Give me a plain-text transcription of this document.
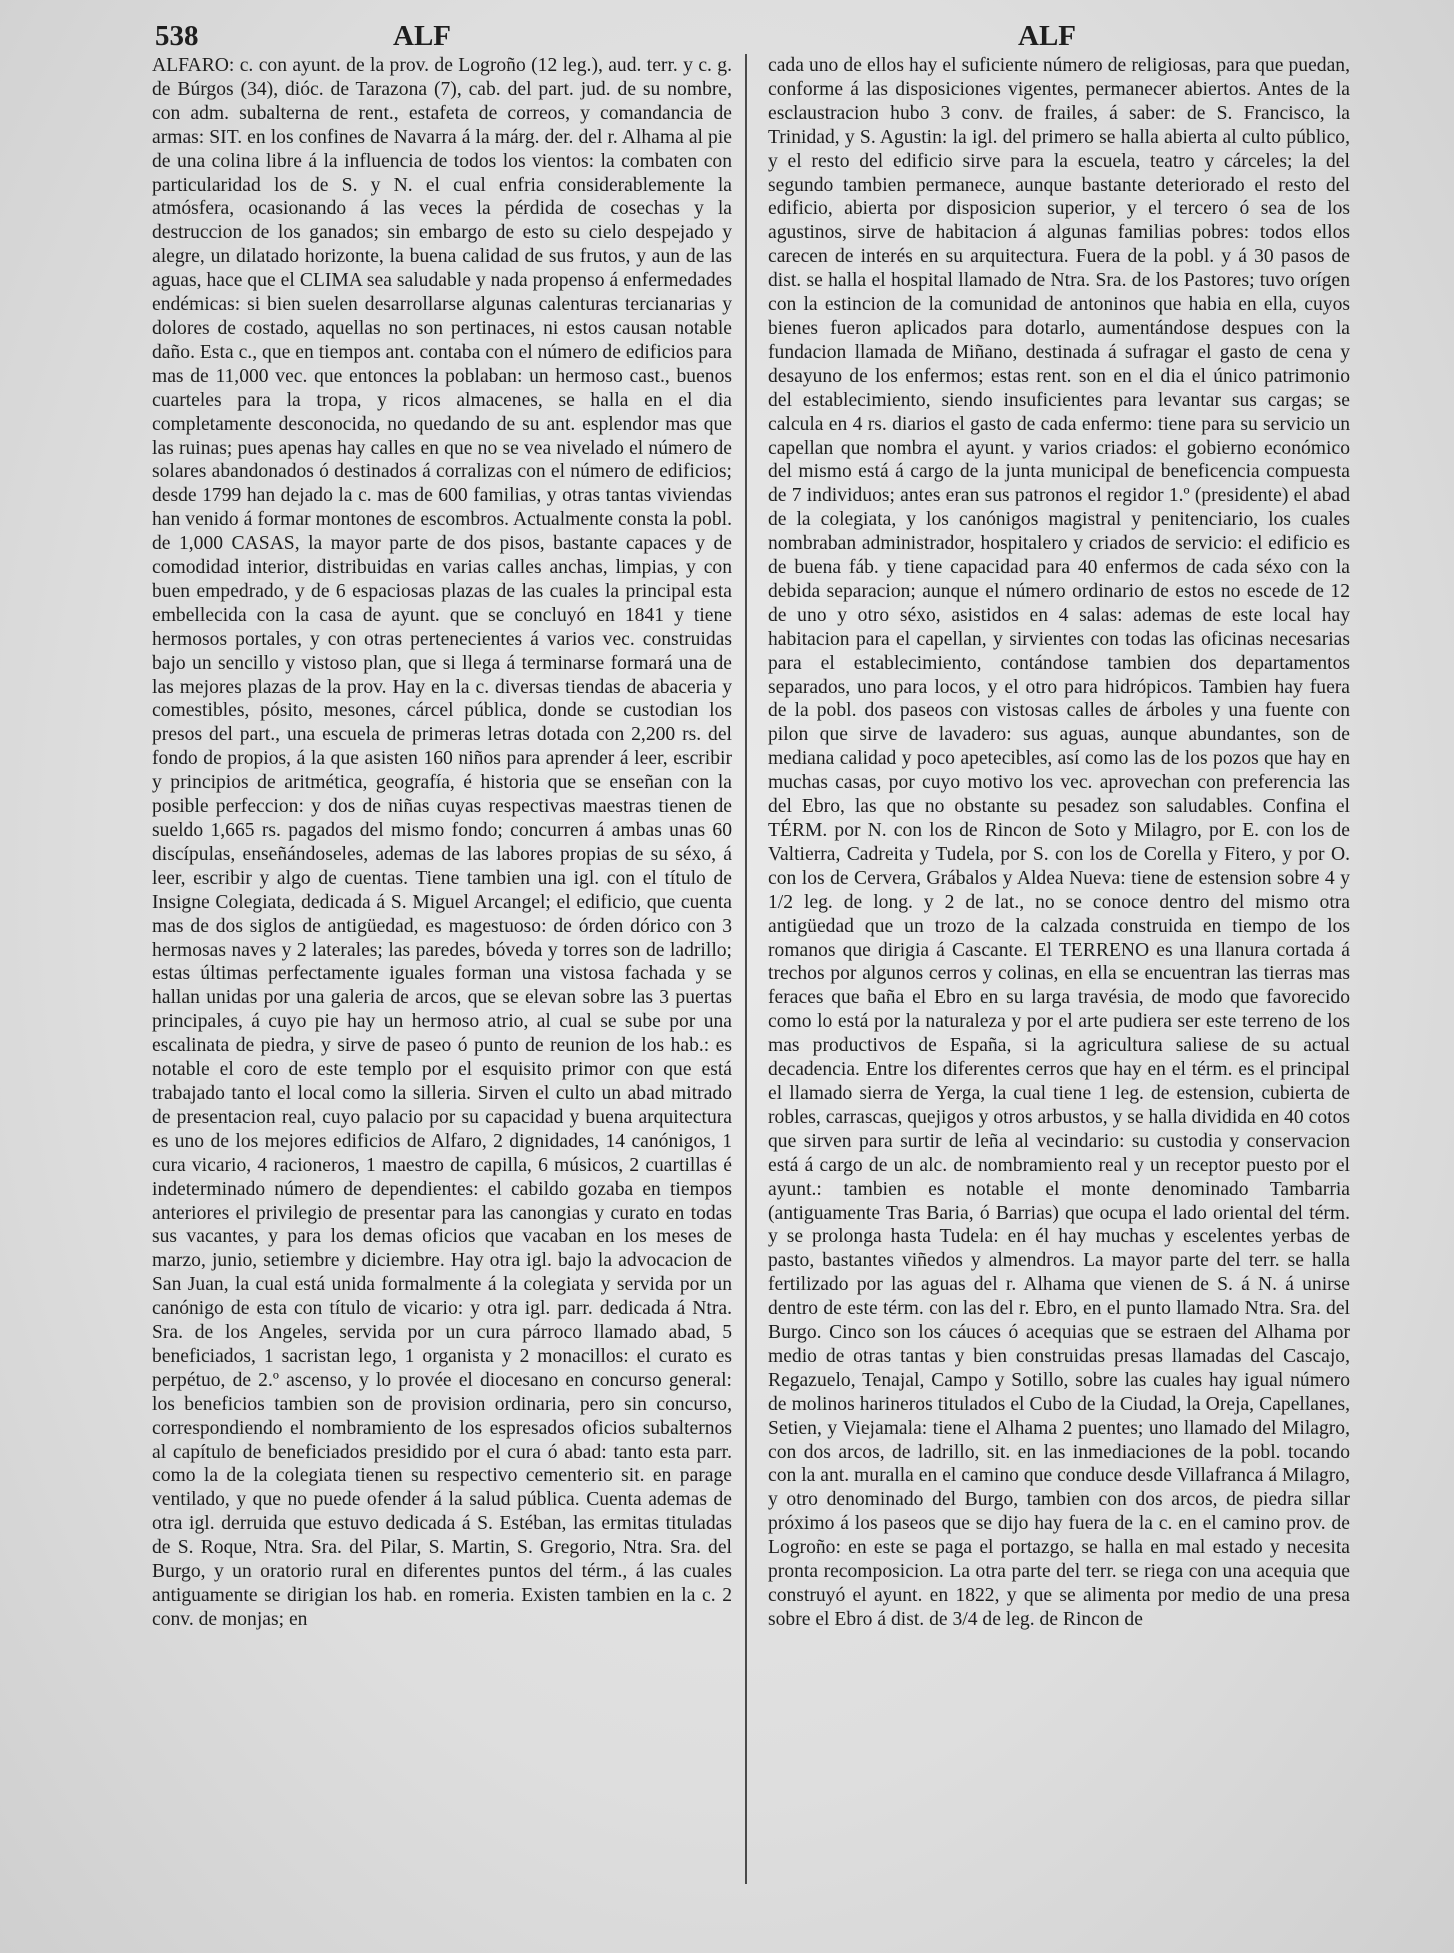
538	ALF	ALF

ALFARO: c. con ayunt. de la prov. de Logroño (12 leg.), aud. terr. y c. g. de Búrgos (34), dióc. de Tarazona (7), cab. del part. jud. de su nombre, con adm. subalterna de rent., estafeta de correos, y comandancia de armas: SIT. en los confines de Navarra á la márg. der. del r. Alhama al pie de una colina libre á la influencia de todos los vientos: la combaten con particularidad los de S. y N. el cual enfria considerablemente la atmósfera, ocasionando á las veces la pérdida de cosechas y la destruccion de los ganados; sin embargo de esto su cielo despejado y alegre, un dilatado horizonte, la buena calidad de sus frutos, y aun de las aguas, hace que el CLIMA sea saludable y nada propenso á enfermedades endémicas: si bien suelen desarrollarse algunas calenturas tercianarias y dolores de costado, aquellas no son pertinaces, ni estos causan notable daño. Esta c., que en tiempos ant. contaba con el número de edificios para mas de 11,000 vec. que entonces la poblaban: un hermoso cast., buenos cuarteles para la tropa, y ricos almacenes, se halla en el dia completamente desconocida, no quedando de su ant. esplendor mas que las ruinas; pues apenas hay calles en que no se vea nivelado el número de solares abandonados ó destinados á corralizas con el número de edificios; desde 1799 han dejado la c. mas de 600 familias, y otras tantas viviendas han venido á formar montones de escombros. Actualmente consta la pobl. de 1,000 CASAS, la mayor parte de dos pisos, bastante capaces y de comodidad interior, distribuidas en varias calles anchas, limpias, y con buen empedrado, y de 6 espaciosas plazas de las cuales la principal esta embellecida con la casa de ayunt. que se concluyó en 1841 y tiene hermosos portales, y con otras pertenecientes á varios vec. construidas bajo un sencillo y vistoso plan, que si llega á terminarse formará una de las mejores plazas de la prov. Hay en la c. diversas tiendas de abaceria y comestibles, pósito, mesones, cárcel pública, donde se custodian los presos del part., una escuela de primeras letras dotada con 2,200 rs. del fondo de propios, á la que asisten 160 niños para aprender á leer, escribir y principios de aritmética, geografía, é historia que se enseñan con la posible perfeccion: y dos de niñas cuyas respectivas maestras tienen de sueldo 1,665 rs. pagados del mismo fondo; concurren á ambas unas 60 discípulas, enseñándoseles, ademas de las labores propias de su séxo, á leer, escribir y algo de cuentas. Tiene tambien una igl. con el título de Insigne Colegiata, dedicada á S. Miguel Arcangel; el edificio, que cuenta mas de dos siglos de antigüedad, es magestuoso: de órden dórico con 3 hermosas naves y 2 laterales; las paredes, bóveda y torres son de ladrillo; estas últimas perfectamente iguales forman una vistosa fachada y se hallan unidas por una galeria de arcos, que se elevan sobre las 3 puertas principales, á cuyo pie hay un hermoso atrio, al cual se sube por una escalinata de piedra, y sirve de paseo ó punto de reunion de los hab.: es notable el coro de este templo por el esquisito primor con que está trabajado tanto el local como la silleria. Sirven el culto un abad mitrado de presentacion real, cuyo palacio por su capacidad y buena arquitectura es uno de los mejores edificios de Alfaro, 2 dignidades, 14 canónigos, 1 cura vicario, 4 racioneros, 1 maestro de capilla, 6 músicos, 2 cuartillas é indeterminado número de dependientes: el cabildo gozaba en tiempos anteriores el privilegio de presentar para las canongias y curato en todas sus vacantes, y para los demas oficios que vacaban en los meses de marzo, junio, setiembre y diciembre. Hay otra igl. bajo la advocacion de San Juan, la cual está unida formalmente á la colegiata y servida por un canónigo de esta con título de vicario: y otra igl. parr. dedicada á Ntra. Sra. de los Angeles, servida por un cura párroco llamado abad, 5 beneficiados, 1 sacristan lego, 1 organista y 2 monacillos: el curato es perpétuo, de 2.º ascenso, y lo provée el diocesano en concurso general: los beneficios tambien son de provision ordinaria, pero sin concurso, correspondiendo el nombramiento de los espresados oficios subalternos al capítulo de beneficiados presidido por el cura ó abad: tanto esta parr. como la de la colegiata tienen su respectivo cementerio sit. en parage ventilado, y que no puede ofender á la salud pública. Cuenta ademas de otra igl. derruida que estuvo dedicada á S. Estéban, las ermitas tituladas de S. Roque, Ntra. Sra. del Pilar, S. Martin, S. Gregorio, Ntra. Sra. del Burgo, y un oratorio rural en diferentes puntos del térm., á las cuales antiguamente se dirigian los hab. en romeria. Existen tambien en la c. 2 conv. de monjas; en

cada uno de ellos hay el suficiente número de religiosas, para que puedan, conforme á las disposiciones vigentes, permanecer abiertos. Antes de la esclaustracion hubo 3 conv. de frailes, á saber: de S. Francisco, la Trinidad, y S. Agustin: la igl. del primero se halla abierta al culto público, y el resto del edificio sirve para la escuela, teatro y cárceles; la del segundo tambien permanece, aunque bastante deteriorado el resto del edificio, abierta por disposicion superior, y el tercero ó sea de los agustinos, sirve de habitacion á algunas familias pobres: todos ellos carecen de interés en su arquitectura. Fuera de la pobl. y á 30 pasos de dist. se halla el hospital llamado de Ntra. Sra. de los Pastores; tuvo orígen con la estincion de la comunidad de antoninos que habia en ella, cuyos bienes fueron aplicados para dotarlo, aumentándose despues con la fundacion llamada de Miñano, destinada á sufragar el gasto de cena y desayuno de los enfermos; estas rent. son en el dia el único patrimonio del establecimiento, siendo insuficientes para levantar sus cargas; se calcula en 4 rs. diarios el gasto de cada enfermo: tiene para su servicio un capellan que nombra el ayunt. y varios criados: el gobierno económico del mismo está á cargo de la junta municipal de beneficencia compuesta de 7 individuos; antes eran sus patronos el regidor 1.º (presidente) el abad de la colegiata, y los canónigos magistral y penitenciario, los cuales nombraban administrador, hospitalero y criados de servicio: el edificio es de buena fáb. y tiene capacidad para 40 enfermos de cada séxo con la debida separacion; aunque el número ordinario de estos no escede de 12 de uno y otro séxo, asistidos en 4 salas: ademas de este local hay habitacion para el capellan, y sirvientes con todas las oficinas necesarias para el establecimiento, contándose tambien dos departamentos separados, uno para locos, y el otro para hidrópicos. Tambien hay fuera de la pobl. dos paseos con vistosas calles de árboles y una fuente con pilon que sirve de lavadero: sus aguas, aunque abundantes, son de mediana calidad y poco apetecibles, así como las de los pozos que hay en muchas casas, por cuyo motivo los vec. aprovechan con preferencia las del Ebro, las que no obstante su pesadez son saludables. Confina el TÉRM. por N. con los de Rincon de Soto y Milagro, por E. con los de Valtierra, Cadreita y Tudela, por S. con los de Corella y Fitero, y por O. con los de Cervera, Grábalos y Aldea Nueva: tiene de estension sobre 4 y 1/2 leg. de long. y 2 de lat., no se conoce dentro del mismo otra antigüedad que un trozo de la calzada construida en tiempo de los romanos que dirigia á Cascante. El TERRENO es una llanura cortada á trechos por algunos cerros y colinas, en ella se encuentran las tierras mas feraces que baña el Ebro en su larga travésia, de modo que favorecido como lo está por la naturaleza y por el arte pudiera ser este terreno de los mas productivos de España, si la agricultura saliese de su actual decadencia. Entre los diferentes cerros que hay en el térm. es el principal el llamado sierra de Yerga, la cual tiene 1 leg. de estension, cubierta de robles, carrascas, quejigos y otros arbustos, y se halla dividida en 40 cotos que sirven para surtir de leña al vecindario: su custodia y conservacion está á cargo de un alc. de nombramiento real y un receptor puesto por el ayunt.: tambien es notable el monte denominado Tambarria (antiguamente Tras Baria, ó Barrias) que ocupa el lado oriental del térm. y se prolonga hasta Tudela: en él hay muchas y escelentes yerbas de pasto, bastantes viñedos y almendros. La mayor parte del terr. se halla fertilizado por las aguas del r. Alhama que vienen de S. á N. á unirse dentro de este térm. con las del r. Ebro, en el punto llamado Ntra. Sra. del Burgo. Cinco son los cáuces ó acequias que se estraen del Alhama por medio de otras tantas y bien construidas presas llamadas del Cascajo, Regazuelo, Tenajal, Campo y Sotillo, sobre las cuales hay igual número de molinos harineros titulados el Cubo de la Ciudad, la Oreja, Capellanes, Setien, y Viejamala: tiene el Alhama 2 puentes; uno llamado del Milagro, con dos arcos, de ladrillo, sit. en las inmediaciones de la pobl. tocando con la ant. muralla en el camino que conduce desde Villafranca á Milagro, y otro denominado del Burgo, tambien con dos arcos, de piedra sillar próximo á los paseos que se dijo hay fuera de la c. en el camino prov. de Logroño: en este se paga el portazgo, se halla en mal estado y necesita pronta recomposicion. La otra parte del terr. se riega con una acequia que construyó el ayunt. en 1822, y que se alimenta por medio de una presa sobre el Ebro á dist. de 3/4 de leg. de Rincon de
